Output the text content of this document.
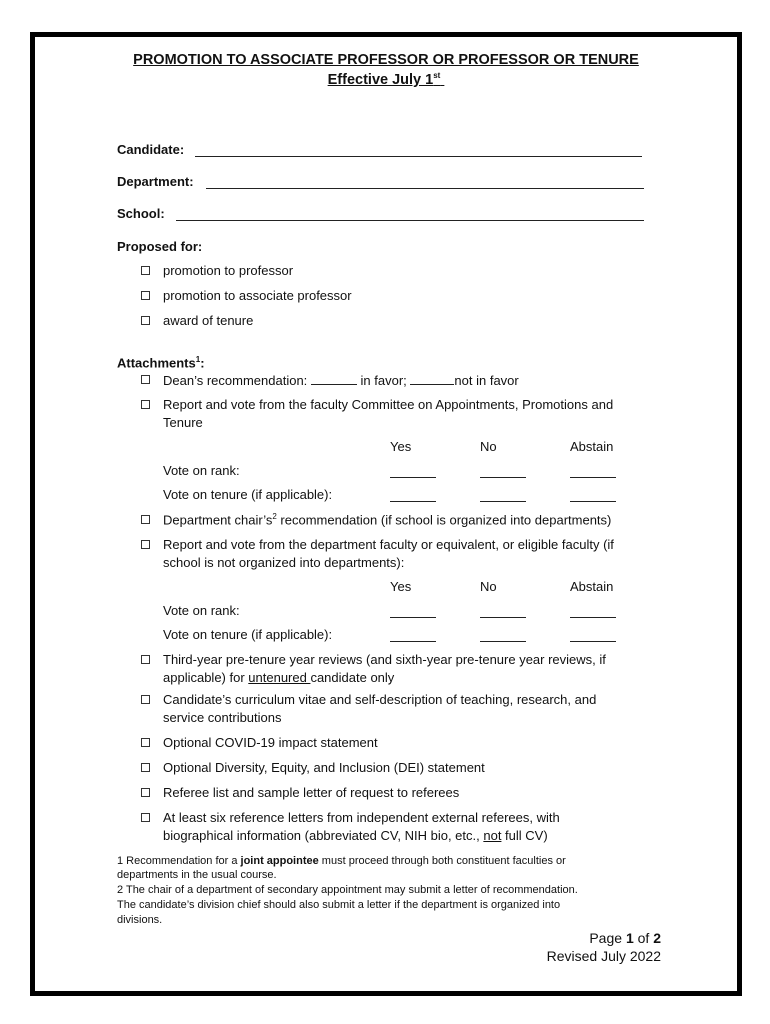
PROMOTION TO ASSOCIATE PROFESSOR OR PROFESSOR OR TENURE
Effective July 1st
Candidate:
Department:
School:
Proposed for:
promotion to professor
promotion to associate professor
award of tenure
Attachments$^1$:
Dean’s recommendation:	in favor;	not in favor
Report and vote from the faculty Committee on Appointments, Promotions and
Tenure
Yes	No	Abstain
Vote on rank:
Vote on tenure (if applicable):
Department $chair’s^2$ recommendation (if school is organized into departments)
Report and vote from the department faculty or equivalent, or eligible faculty (if
school is not organized into departments):
Yes	No	Abstain
Vote on rank:
Vote on tenure (if applicable):
Third-year pre-tenure year reviews (and sixth-year pre-tenure year reviews, if
applicable) for untenured candidate only
Candidate’s curriculum vitae and self-description of teaching, research, and
service contributions
Optional COVID-19 impact statement
Optional Diversity, Equity, and Inclusion (DEI) statement
Referee list and sample letter of request to referees
At least six reference letters from independent external referees, with
biographical information (abbreviated CV, NIH bio, etc., not full CV)
1 Recommendation for a joint appointee must proceed through both constituent faculties or
departments in the usual course.
2 The chair of a department of secondary appointment may submit a letter of recommendation.
The candidate’s division chief should also submit a letter if the department is organized into
divisions.
Page 1 of 2
Revised July 2022
